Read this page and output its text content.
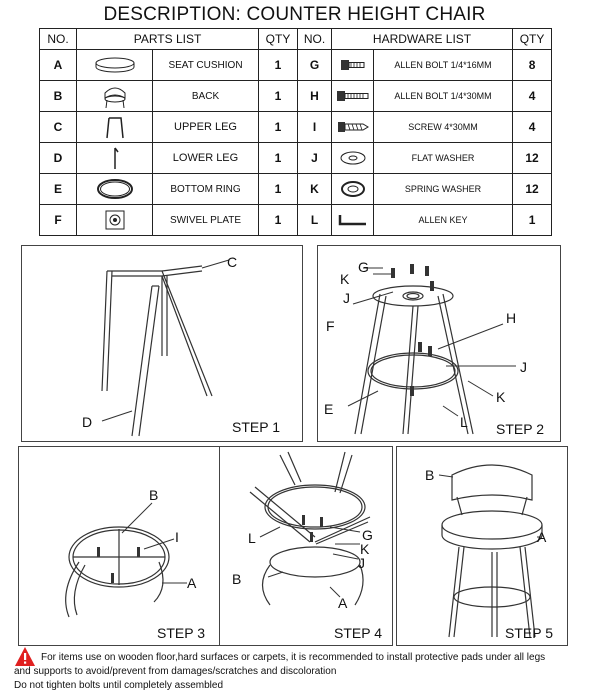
DESCRIPTION: COUNTER HEIGHT CHAIR
NO.	PARTS LIST		QTY	NO.	HARDWARE LIST		QTY
A		SEAT CUSHION	1	G		ALLEN BOLT 1/4*16MM	8
B		BACK	1	H		ALLEN BOLT 1/4*30MM	4
C		UPPER LEG	1	I		SCREW 4*30MM	4
D		LOWER LEG	1	J		FLAT WASHER	12
E		BOTTOM RING	1	K		SPRING WASHER	12
F		SWIVEL PLATE	1	L		ALLEN KEY	1
C
D	STEP 1
G
K
J
F	H
J
K
E
L STEP 2
B
I
A
STEP 3
L	G
K
J
B
A
STEP 4
B
A
STEP 5
For items use on wooden floor,hard surfaces or carpets, it is recommended to install protective pads under all legs
and supports to avoid/prevent from damages/scratches and discoloration
Do not tighten bolts until completely assembled
